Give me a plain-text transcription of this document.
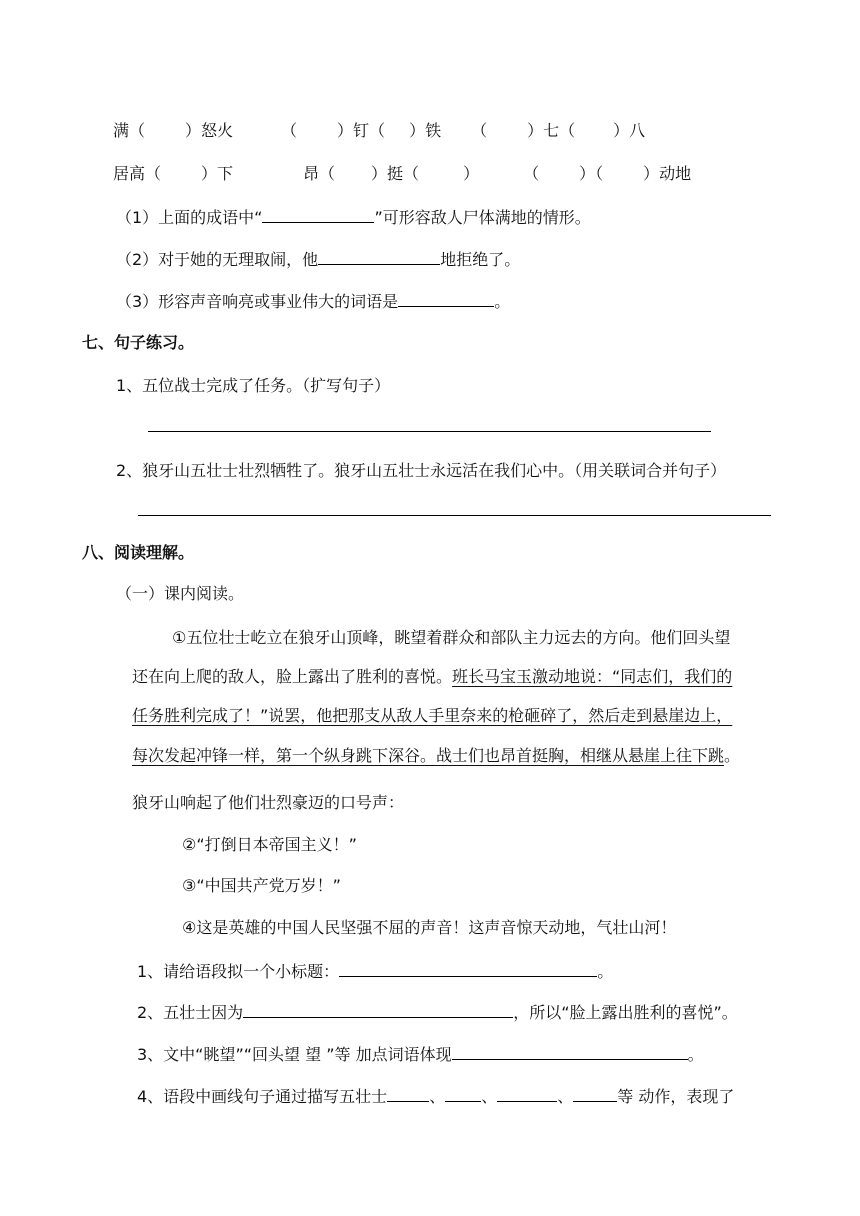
满（	）怒火	（	）钉（ ）铁 （	）七（ ）八
居高（	）下	昂（ ）挺（	）	（	）（	）动地
（1）上面的成语中“	”可形容敌人尸体满地的情形。
（2）对于她的无理取闹，他	地拒绝了。
（3）形容声音响亮或事业伟大的词语是	。
七、句子练习。
1、五位战士完成了任务。（扩写句子）
2、狼牙山五壮士壮烈牺牲了。狼牙山五壮士永远活在我们心中。（用关联词合并句子）
八、阅读理解。
（一）课内阅读。
①五位壮士屹立在狼牙山顶峰，眺望着群众和部队主力远去的方向。他们回头望
还在向上爬的敌人，脸上露出了胜利的喜悦。班长马宝玉激动地说：“同志们，我们的
任务胜利完成了！”说罢，他把那支从敌人手里奈来的枪砸碎了，然后走到悬崖边上，
每次发起冲锋一样，第一个纵身跳下深谷。战士们也昂首挺胸，相继从悬崖上往下跳。
狼牙山响起了他们壮烈豪迈的口号声：
②“打倒日本帝国主义！”
③“中国共产党万岁！”
④这是英雄的中国人民坚强不屈的声音！这声音惊天动地，气壮山河！
1、请给语段拟一个小标题：	。
2、五壮士因为	，所以“脸上露出胜利的喜悦”。
3、文中“眺望”“回头望 望 ”等 加点词语体现	。
4、语段中画线句子通过描写五壮士	、 、	、	等 动作，表现了
